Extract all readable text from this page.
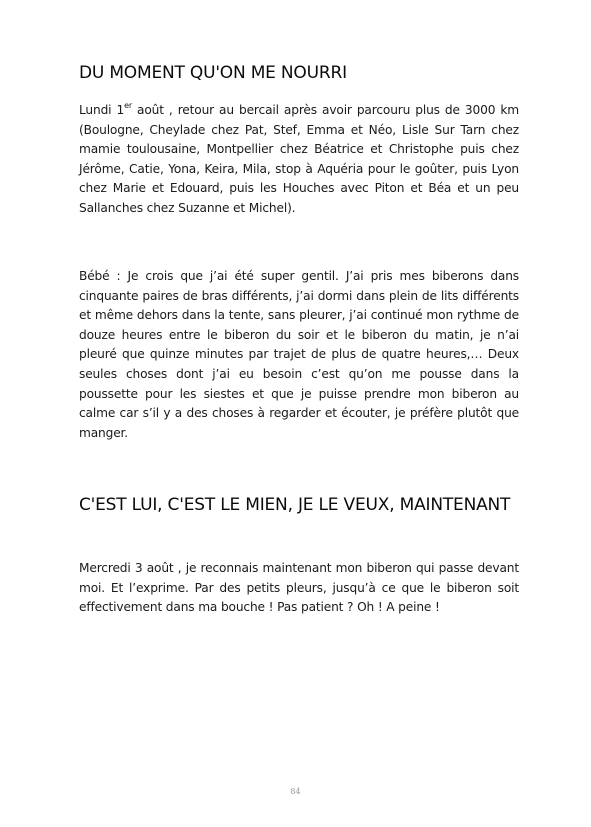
DU MOMENT QU'ON ME NOURRI

Lundi 1er août , retour au bercail après avoir parcouru plus de 3000 km (Boulogne, Cheylade chez Pat, Stef, Emma et Néo, Lisle Sur Tarn chez mamie toulousaine, Montpellier chez Béatrice et Christophe puis chez Jérôme, Catie, Yona, Keira, Mila, stop à Aquéria pour le goûter, puis Lyon chez Marie et Edouard, puis les Houches avec Piton et Béa et un peu Sallanches chez Suzanne et Michel).

Bébé : Je crois que j’ai été super gentil. J’ai pris mes biberons dans cinquante paires de bras différents, j’ai dormi dans plein de lits différents et même dehors dans la tente, sans pleurer, j’ai continué mon rythme de douze heures entre le biberon du soir et le biberon du matin, je n’ai pleuré que quinze minutes par trajet de plus de quatre heures,… Deux seules choses dont j’ai eu besoin c’est qu’on me pousse dans la poussette pour les siestes et que je puisse prendre mon biberon au calme car s’il y a des choses à regarder et écouter, je préfère plutôt que manger.

C'EST LUI, C'EST LE MIEN, JE LE VEUX, MAINTENANT

Mercredi 3 août , je reconnais maintenant mon biberon qui passe devant moi. Et l’exprime. Par des petits pleurs, jusqu’à ce que le biberon soit effectivement dans ma bouche ! Pas patient ? Oh ! A peine !

84
